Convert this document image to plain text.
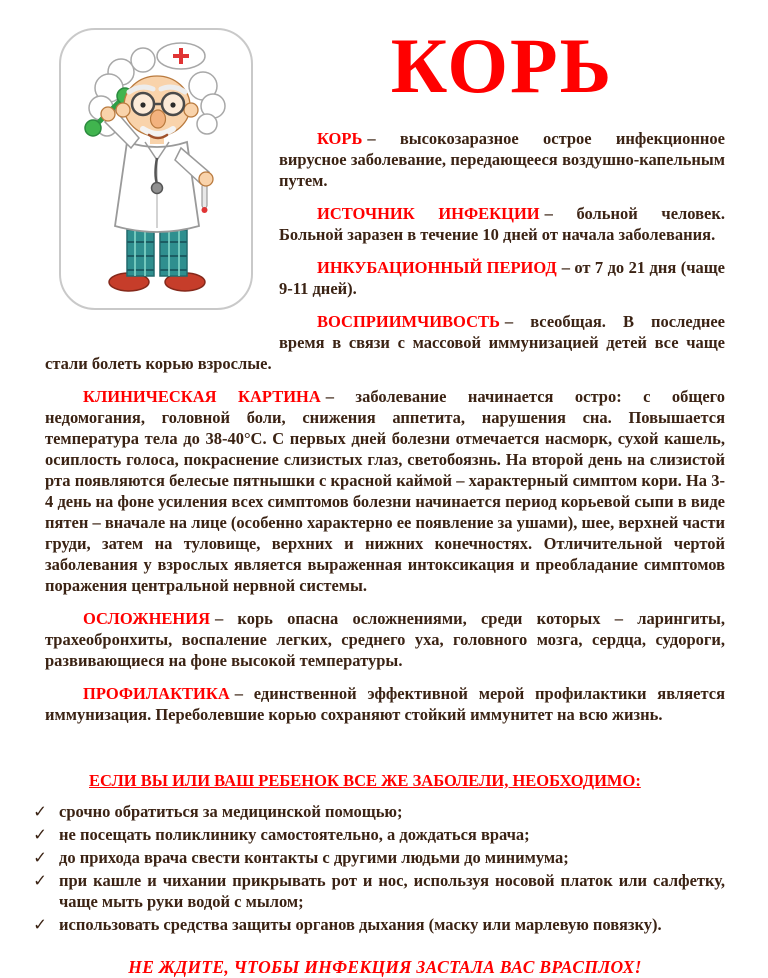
КОРЬ

КОРЬ – высокозаразное острое инфекционное вирусное заболевание, передающееся воздушно-капельным путем.

ИСТОЧНИК ИНФЕКЦИИ – больной человек. Больной заразен в течение 10 дней от начала заболевания.

ИНКУБАЦИОННЫЙ ПЕРИОД – от 7 до 21 дня (чаще 9-11 дней).

ВОСПРИИМЧИВОСТЬ – всеобщая. В последнее время в связи с массовой иммунизацией детей все чаще стали болеть корью взрослые.

КЛИНИЧЕСКАЯ КАРТИНА – заболевание начинается остро: с общего недомогания, головной боли, снижения аппетита, нарушения сна. Повышается температура тела до 38-40°С. С первых дней болезни отмечается насморк, сухой кашель, осиплость голоса, покраснение слизистых глаз, светобоязнь. На второй день на слизистой рта появляются белесые пятнышки с красной каймой – характерный симптом кори. На 3-4 день на фоне усиления всех симптомов болезни начинается период корьевой сыпи в виде пятен – вначале на лице (особенно характерно ее появление за ушами), шее, верхней части груди, затем на туловище, верхних и нижних конечностях. Отличительной чертой заболевания у взрослых является выраженная интоксикация и преобладание симптомов поражения центральной нервной системы.

ОСЛОЖНЕНИЯ – корь опасна осложнениями, среди которых – ларингиты, трахеобронхиты, воспаление легких, среднего уха, головного мозга, сердца, судороги, развивающиеся на фоне высокой температуры.

ПРОФИЛАКТИКА – единственной эффективной мерой профилактики является иммунизация. Переболевшие корью сохраняют стойкий иммунитет на всю жизнь.

ЕСЛИ ВЫ ИЛИ ВАШ РЕБЕНОК ВСЕ ЖЕ ЗАБОЛЕЛИ, НЕОБХОДИМО:
✓ срочно обратиться за медицинской помощью;
✓ не посещать поликлинику самостоятельно, а дождаться врача;
✓ до прихода врача свести контакты с другими людьми до минимума;
✓ при кашле и чихании прикрывать рот и нос, используя носовой платок или салфетку, чаще мыть руки водой с мылом;
✓ использовать средства защиты органов дыхания (маску или марлевую повязку).
НЕ ЖДИТЕ, ЧТОБЫ ИНФЕКЦИЯ ЗАСТАЛА ВАС ВРАСПЛОХ!
